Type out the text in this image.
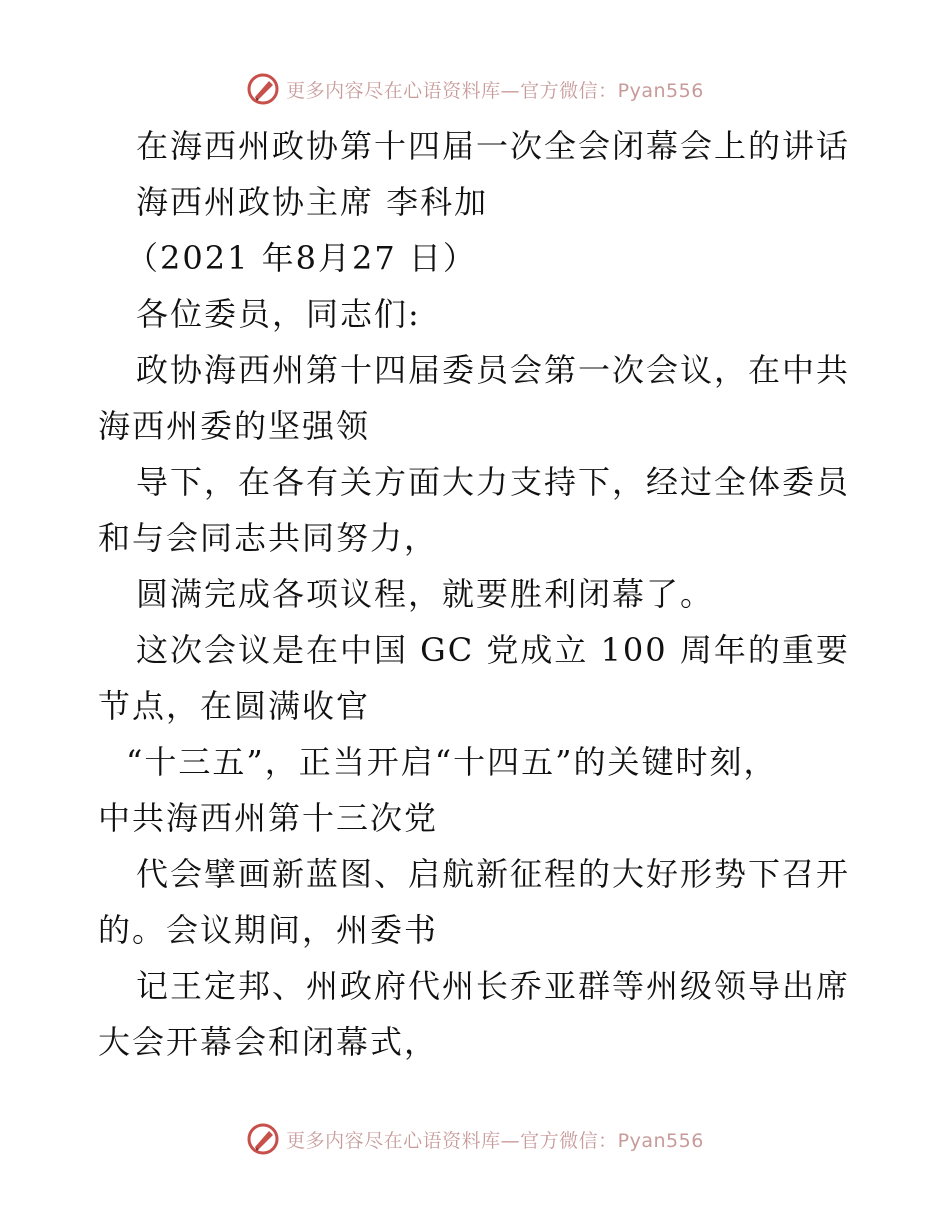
更多内容尽在心语资料库—官方微信：Pyan556
在海西州政协第十四届一次全会闭幕会上的讲话
海西州政协主席 李科加
（2021 年8月27 日）
各位委员，同志们:
政协海西州第十四届委员会第一次会议，在中共
海西州委的坚强领
导下，在各有关方面大力支持下，经过全体委员
和与会同志共同努力，
圆满完成各项议程，就要胜利闭幕了。
这次会议是在中国 GC 党成立 100 周年的重要
节点，在圆满收官
“十三五”，正当开启“十四五”的关键时刻，
中共海西州第十三次党
代会擘画新蓝图、启航新征程的大好形势下召开
的。会议期间，州委书
记王定邦、州政府代州长乔亚群等州级领导出席
大会开幕会和闭幕式，
更多内容尽在心语资料库—官方微信：Pyan556
